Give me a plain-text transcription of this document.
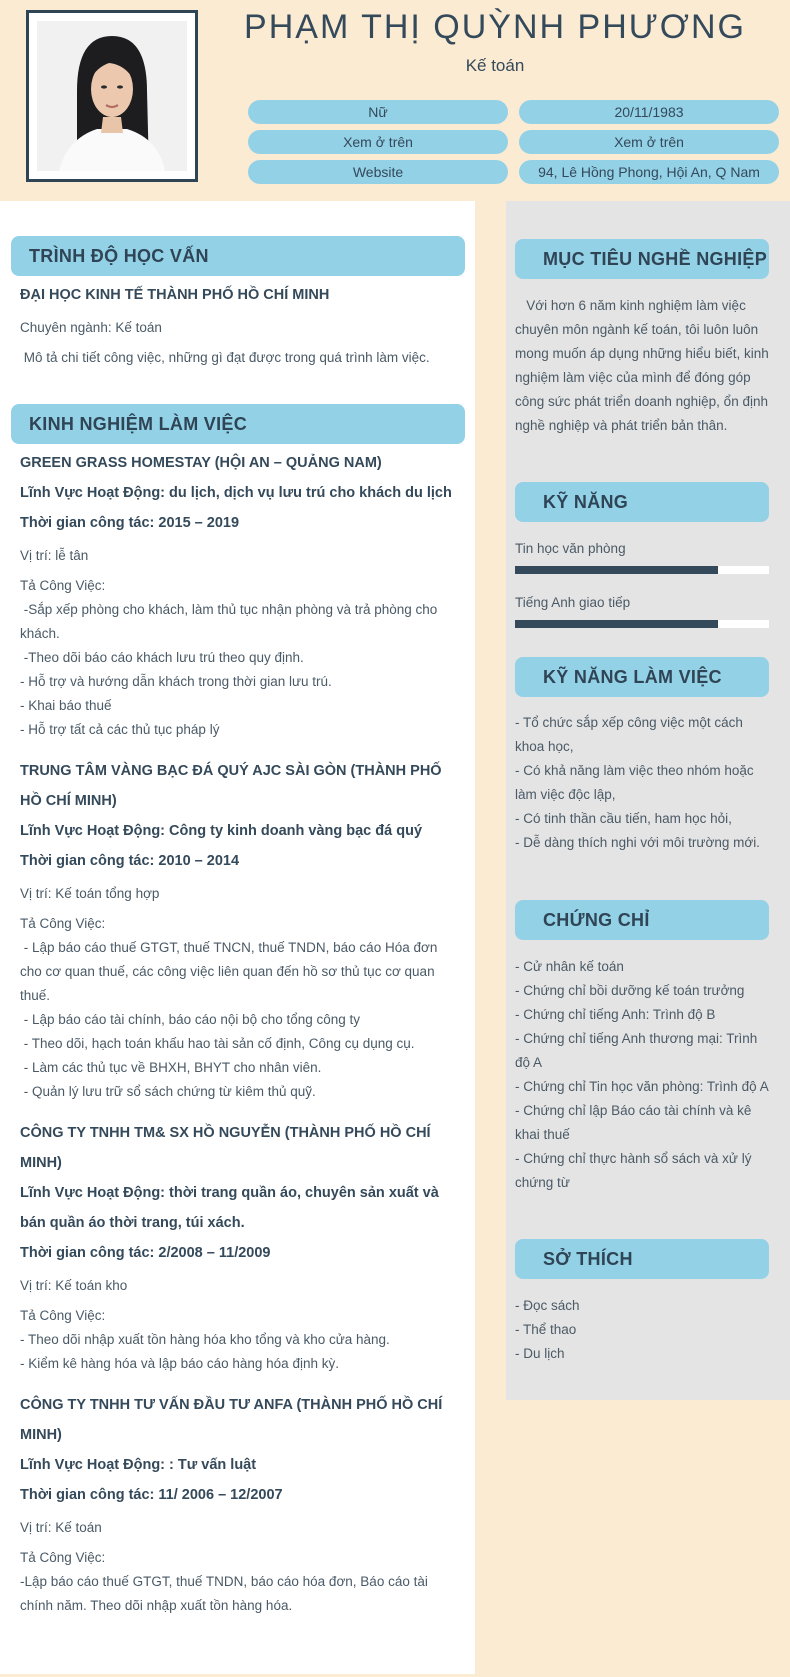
PHẠM THỊ QUỲNH PHƯƠNG
Kế toán
Nữ	20/11/1983
Xem ở trên	Xem ở trên
Website	94, Lê Hồng Phong, Hội An, Q Nam
TRÌNH ĐỘ HỌC VẤN
ĐẠI HỌC KINH TẾ THÀNH PHỐ HỒ CHÍ MINH
Chuyên ngành: Kế toán
Mô tả chi tiết công việc, những gì đạt được trong quá trình làm việc.
KINH NGHIỆM LÀM VIỆC
GREEN GRASS HOMESTAY (HỘI AN – QUẢNG NAM)
Lĩnh Vực Hoạt Động: du lịch, dịch vụ lưu trú cho khách du lịch
Thời gian công tác: 2015 – 2019
Vị trí: lễ tân
Tả Công Việc:
-Sắp xếp phòng cho khách, làm thủ tục nhận phòng và trả phòng cho khách.
-Theo dõi báo cáo khách lưu trú theo quy định.
- Hỗ trợ và hướng dẫn khách trong thời gian lưu trú.
- Khai báo thuế
- Hỗ trợ tất cả các thủ tục pháp lý
TRUNG TÂM VÀNG BẠC ĐÁ QUÝ AJC SÀI GÒN (THÀNH PHỐ HỒ CHÍ MINH)
Lĩnh Vực Hoạt Động: Công ty kinh doanh vàng bạc đá quý
Thời gian công tác: 2010 – 2014
Vị trí: Kế toán tổng hợp
Tả Công Việc:
- Lập báo cáo thuế GTGT, thuế TNCN, thuế TNDN, báo cáo Hóa đơn cho cơ quan thuế, các công việc liên quan đến hồ sơ thủ tục cơ quan thuế.
- Lập báo cáo tài chính, báo cáo nội bộ cho tổng công ty
- Theo dõi, hạch toán khấu hao tài sản cố định, Công cụ dụng cụ.
- Làm các thủ tục về BHXH, BHYT cho nhân viên.
- Quản lý lưu trữ sổ sách chứng từ kiêm thủ quỹ.
CÔNG TY TNHH TM& SX HỒ NGUYỄN (THÀNH PHỐ HỒ CHÍ MINH)
Lĩnh Vực Hoạt Động: thời trang quần áo, chuyên sản xuất và bán quần áo thời trang, túi xách.
Thời gian công tác: 2/2008 – 11/2009
Vị trí: Kế toán kho
Tả Công Việc:
- Theo dõi nhập xuất tồn hàng hóa kho tổng và kho cửa hàng.
- Kiểm kê hàng hóa và lập báo cáo hàng hóa định kỳ.
CÔNG TY TNHH TƯ VẤN ĐẦU TƯ ANFA (THÀNH PHỐ HỒ CHÍ MINH)
Lĩnh Vực Hoạt Động: : Tư vấn luật
Thời gian công tác: 11/ 2006 – 12/2007
Vị trí: Kế toán
Tả Công Việc:
-Lập báo cáo thuế GTGT, thuế TNDN, báo cáo hóa đơn, Báo cáo tài chính năm. Theo dõi nhập xuất tồn hàng hóa.
MỤC TIÊU NGHỀ NGHIỆP
Với hơn 6 năm kinh nghiệm làm việc chuyên môn ngành kế toán, tôi luôn luôn mong muốn áp dụng những hiểu biết, kinh nghiệm làm việc của mình để đóng góp công sức phát triển doanh nghiệp, ổn định nghề nghiệp và phát triển bản thân.
KỸ NĂNG
Tin học văn phòng
Tiếng Anh giao tiếp
KỸ NĂNG LÀM VIỆC
- Tổ chức sắp xếp công việc một cách khoa học,
- Có khả năng làm việc theo nhóm hoặc làm việc độc lập,
- Có tinh thần cầu tiến, ham học hỏi,
- Dễ dàng thích nghi với môi trường mới.
CHỨNG CHỈ
- Cử nhân kế toán
- Chứng chỉ bồi dưỡng kế toán trưởng
- Chứng chỉ tiếng Anh: Trình độ B
- Chứng chỉ tiếng Anh thương mại: Trình độ A
- Chứng chỉ Tin học văn phòng: Trình độ A
- Chứng chỉ lập Báo cáo tài chính và kê khai thuế
- Chứng chỉ thực hành sổ sách và xử lý chứng từ
SỞ THÍCH
- Đọc sách
- Thể thao
- Du lịch
